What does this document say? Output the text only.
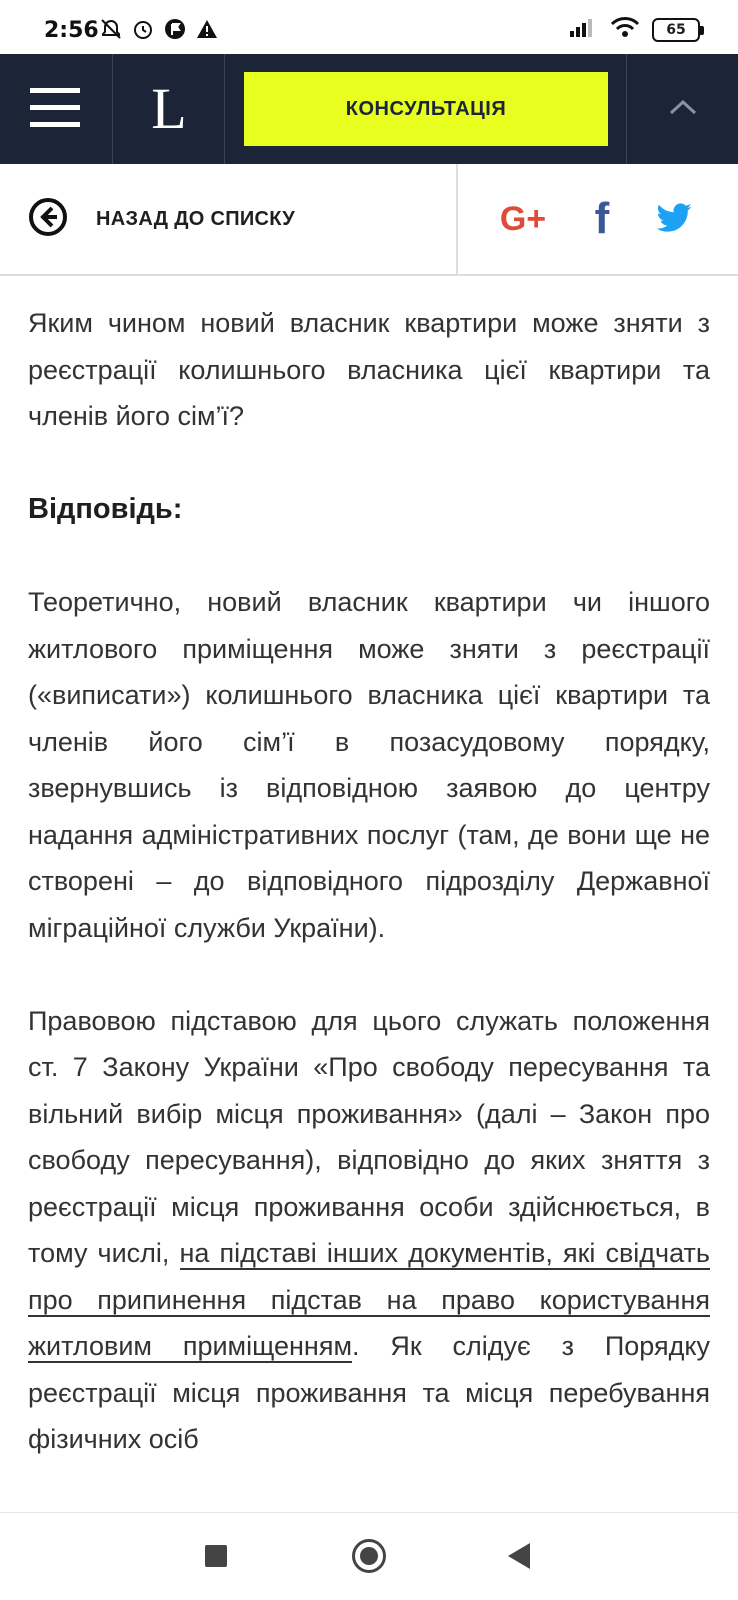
2:56	65
L	КОНСУЛЬТАЦІЯ
НАЗАД ДО СПИСКУ	G+ f

Яким чином новий власник квартири може зняти з реєстрації колишнього власника цієї квартири та членів його сім’ї?

Відповідь:

Теоретично, новий власник квартири чи іншого житлового приміщення може зняти з реєстрації («виписати») колишнього власника цієї квартири та членів його сім’ї в позасудовому порядку, звернувшись із відповідною заявою до центру надання адміністративних послуг (там, де вони ще не створені – до відповідного підрозділу Державної міграційної служби України).

Правовою підставою для цього служать положення ст. 7 Закону України «Про свободу пересування та вільний вибір місця проживання» (далі – Закон про свободу пересування), відповідно до яких зняття з реєстрації місця проживання особи здійснюється, в тому числі, на підставі інших документів, які свідчать про припинення підстав на право користування житловим приміщенням. Як слідує з Порядку реєстрації місця проживання та місця перебування фізичних осіб
